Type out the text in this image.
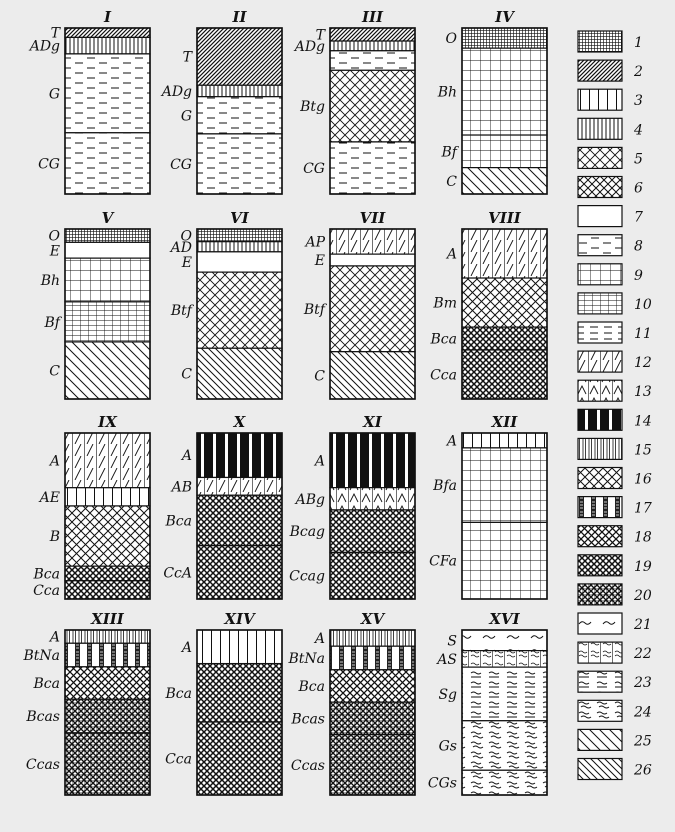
I
T
ADg
G
CG
II
T
ADg
G
CG
III
T
ADg
Btg
CG
IV
O
Bh
Bf
C
V
O
E
Bh
Bf
C
VI
O
AD
E
Btf
C
VII
AP
E
Btf
C
VIII
A
Bm
Bca
Cca
IX
A
AE
B
Bca
Cca
X
A
AB
Bca
CcA
XI
A
ABg
Bcag
Ccag
XII
A
Bfa
CFa
XIII
A
BtNa
Bca
Bcas
Ccas
XIV
A
Bca
Cca
XV
A
BtNa
Bca
Bcas
Ccas
XVI
S
AS
Sg
Gs
CGs
1
2
3
4
5
6
7
8
9
10
11
12
13
14
15
16
17
18
19
20
21
22
23
24
25
26
